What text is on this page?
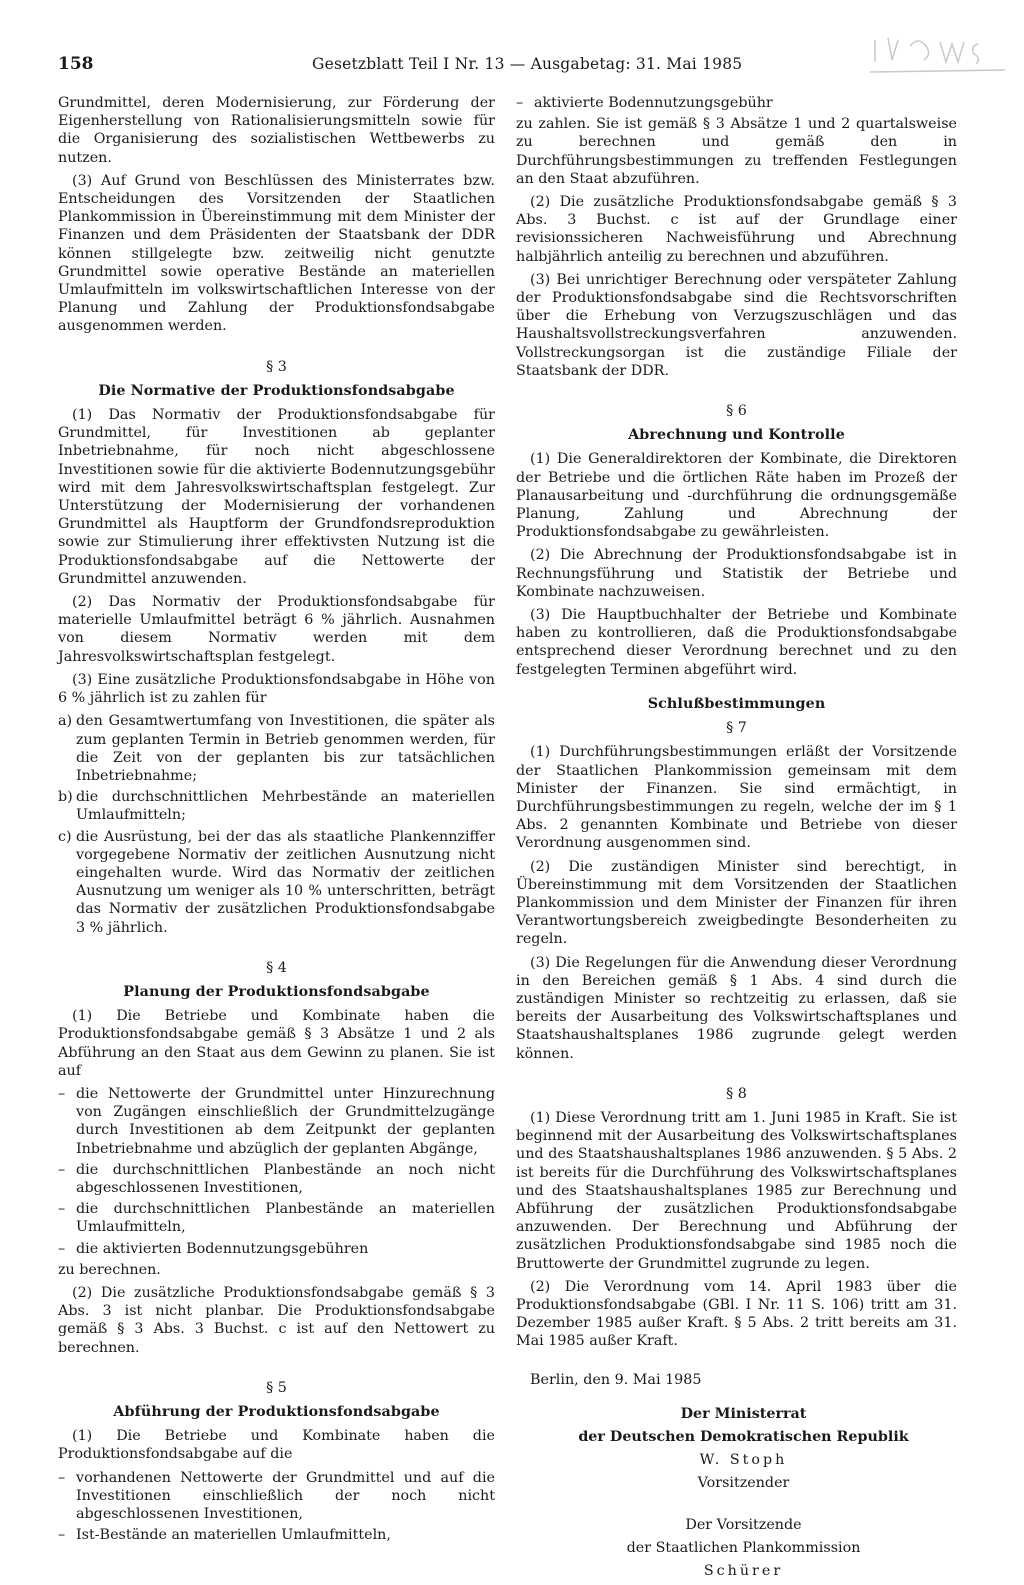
158	Gesetzblatt Teil I Nr. 13 — Ausgabetag: 31. Mai 1985

Grundmittel, deren Modernisierung, zur Förderung der Eigenherstellung von Rationalisierungsmitteln sowie für die Organisierung des sozialistischen Wettbewerbs zu nutzen.

(3) Auf Grund von Beschlüssen des Ministerrates bzw. Entscheidungen des Vorsitzenden der Staatlichen Plankommission in Übereinstimmung mit dem Minister der Finanzen und dem Präsidenten der Staatsbank der DDR können stillgelegte bzw. zeitweilig nicht genutzte Grundmittel sowie operative Bestände an materiellen Umlaufmitteln im volkswirtschaftlichen Interesse von der Planung und Zahlung der Produktionsfondsabgabe ausgenommen werden.

§ 3
Die Normative der Produktionsfondsabgabe

(1) Das Normativ der Produktionsfondsabgabe für Grundmittel, für Investitionen ab geplanter Inbetriebnahme, für noch nicht abgeschlossene Investitionen sowie für die aktivierte Bodennutzungsgebühr wird mit dem Jahresvolkswirtschaftsplan festgelegt. Zur Unterstützung der Modernisierung der vorhandenen Grundmittel als Hauptform der Grundfondsreproduktion sowie zur Stimulierung ihrer effektivsten Nutzung ist die Produktionsfondsabgabe auf die Nettowerte der Grundmittel anzuwenden.

(2) Das Normativ der Produktionsfondsabgabe für materielle Umlaufmittel beträgt 6 % jährlich. Ausnahmen von diesem Normativ werden mit dem Jahresvolkswirtschaftsplan festgelegt.

(3) Eine zusätzliche Produktionsfondsabgabe in Höhe von 6 % jährlich ist zu zahlen für

a) den Gesamtwertumfang von Investitionen, die später als zum geplanten Termin in Betrieb genommen werden, für die Zeit von der geplanten bis zur tatsächlichen Inbetriebnahme;
b) die durchschnittlichen Mehrbestände an materiellen Umlaufmitteln;
c) die Ausrüstung, bei der das als staatliche Plankennziffer vorgegebene Normativ der zeitlichen Ausnutzung nicht eingehalten wurde. Wird das Normativ der zeitlichen Ausnutzung um weniger als 10 % unterschritten, beträgt das Normativ der zusätzlichen Produktionsfondsabgabe 3 % jährlich.
§ 4
Planung der Produktionsfondsabgabe

(1) Die Betriebe und Kombinate haben die Produktionsfondsabgabe gemäß § 3 Absätze 1 und 2 als Abführung an den Staat aus dem Gewinn zu planen. Sie ist auf

– die Nettowerte der Grundmittel unter Hinzurechnung von Zugängen einschließlich der Grundmittelzugänge durch Investitionen ab dem Zeitpunkt der geplanten Inbetriebnahme und abzüglich der geplanten Abgänge,
– die durchschnittlichen Planbestände an noch nicht abgeschlossenen Investitionen,
– die durchschnittlichen Planbestände an materiellen Umlaufmitteln,
– die aktivierten Bodennutzungsgebühren

zu berechnen.

(2) Die zusätzliche Produktionsfondsabgabe gemäß § 3 Abs. 3 ist nicht planbar. Die Produktionsfondsabgabe gemäß § 3 Abs. 3 Buchst. c ist auf den Nettowert zu berechnen.

§ 5
Abführung der Produktionsfondsabgabe

(1) Die Betriebe und Kombinate haben die Produktionsfondsabgabe auf die

– vorhandenen Nettowerte der Grundmittel und auf die Investitionen einschließlich der noch nicht abgeschlossenen Investitionen,
– Ist-Bestände an materiellen Umlaufmitteln,
– aktivierte Bodennutzungsgebühr

zu zahlen. Sie ist gemäß § 3 Absätze 1 und 2 quartalsweise zu berechnen und gemäß den in Durchführungsbestimmungen zu treffenden Festlegungen an den Staat abzuführen.

(2) Die zusätzliche Produktionsfondsabgabe gemäß § 3 Abs. 3 Buchst. c ist auf der Grundlage einer revisionssicheren Nachweisführung und Abrechnung halbjährlich anteilig zu berechnen und abzuführen.

(3) Bei unrichtiger Berechnung oder verspäteter Zahlung der Produktionsfondsabgabe sind die Rechtsvorschriften über die Erhebung von Verzugszuschlägen und das Haushaltsvollstreckungsverfahren anzuwenden. Vollstreckungsorgan ist die zuständige Filiale der Staatsbank der DDR.

§ 6
Abrechnung und Kontrolle

(1) Die Generaldirektoren der Kombinate, die Direktoren der Betriebe und die örtlichen Räte haben im Prozeß der Planausarbeitung und -durchführung die ordnungsgemäße Planung, Zahlung und Abrechnung der Produktionsfondsabgabe zu gewährleisten.

(2) Die Abrechnung der Produktionsfondsabgabe ist in Rechnungsführung und Statistik der Betriebe und Kombinate nachzuweisen.

(3) Die Hauptbuchhalter der Betriebe und Kombinate haben zu kontrollieren, daß die Produktionsfondsabgabe entsprechend dieser Verordnung berechnet und zu den festgelegten Terminen abgeführt wird.

Schlußbestimmungen
§ 7

(1) Durchführungsbestimmungen erläßt der Vorsitzende der Staatlichen Plankommission gemeinsam mit dem Minister der Finanzen. Sie sind ermächtigt, in Durchführungsbestimmungen zu regeln, welche der im § 1 Abs. 2 genannten Kombinate und Betriebe von dieser Verordnung ausgenommen sind.

(2) Die zuständigen Minister sind berechtigt, in Übereinstimmung mit dem Vorsitzenden der Staatlichen Plankommission und dem Minister der Finanzen für ihren Verantwortungsbereich zweigbedingte Besonderheiten zu regeln.

(3) Die Regelungen für die Anwendung dieser Verordnung in den Bereichen gemäß § 1 Abs. 4 sind durch die zuständigen Minister so rechtzeitig zu erlassen, daß sie bereits der Ausarbeitung des Volkswirtschaftsplanes und Staatshaushaltsplanes 1986 zugrunde gelegt werden können.

§ 8

(1) Diese Verordnung tritt am 1. Juni 1985 in Kraft. Sie ist beginnend mit der Ausarbeitung des Volkswirtschaftsplanes und des Staatshaushaltsplanes 1986 anzuwenden. § 5 Abs. 2 ist bereits für die Durchführung des Volkswirtschaftsplanes und des Staatshaushaltsplanes 1985 zur Berechnung und Abführung der zusätzlichen Produktionsfondsabgabe anzuwenden. Der Berechnung und Abführung der zusätzlichen Produktionsfondsabgabe sind 1985 noch die Bruttowerte der Grundmittel zugrunde zu legen.

(2) Die Verordnung vom 14. April 1983 über die Produktionsfondsabgabe (GBl. I Nr. 11 S. 106) tritt am 31. Dezember 1985 außer Kraft. § 5 Abs. 2 tritt bereits am 31. Mai 1985 außer Kraft.

Berlin, den 9. Mai 1985

Der Ministerrat

der Deutschen Demokratischen Republik

W. Stoph

Vorsitzender

Der Vorsitzende

der Staatlichen Plankommission

Schürer
